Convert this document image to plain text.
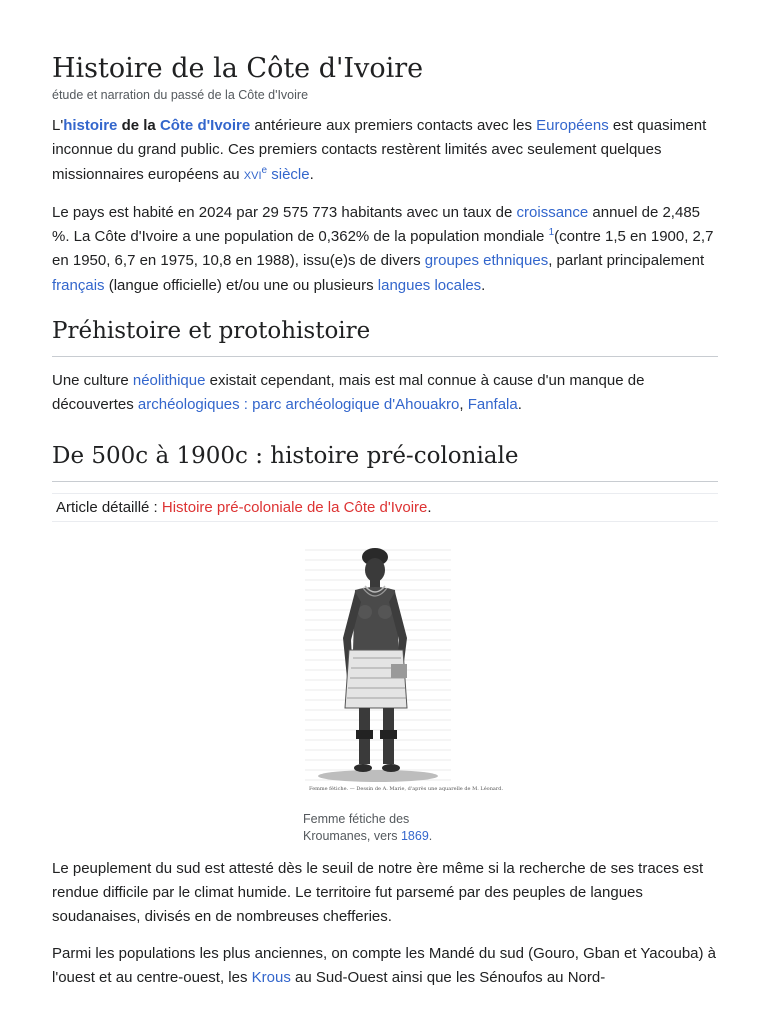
Histoire de la Côte d'Ivoire
étude et narration du passé de la Côte d'Ivoire

L'histoire de la Côte d'Ivoire antérieure aux premiers contacts avec les Européens est quasiment inconnue du grand public. Ces premiers contacts restèrent limités avec seulement quelques missionnaires européens au xvi$^e$ siècle.

Le pays est habité en 2024 par 29 575 773 habitants avec un taux de croissance annuel de 2,485 %. La Côte d'Ivoire a une population de 0,362% de la population mondiale $^1$(contre 1,5 en 1900, 2,7 en 1950, 6,7 en 1975, 10,8 en 1988), issu(e)s de divers groupes ethniques, parlant principalement français (langue officielle) et/ou une ou plusieurs langues locales.

Préhistoire et protohistoire

Une culture néolithique existait cependant, mais est mal connue à cause d'un manque de découvertes archéologiques : parc archéologique d'Ahouakro, Fanfala.

De 500c à 1900c : histoire pré-coloniale
Article détaillé : Histoire pré-coloniale de la Côte d'Ivoire.
Femme fétiche. — Dessin de A. Marie, d'après une aquarelle de M. Léonard.
Femme fétiche des Kroumanes, vers 1869.

Le peuplement du sud est attesté dès le seuil de notre ère même si la recherche de ses traces est rendue difficile par le climat humide. Le territoire fut parsemé par des peuples de langues soudanaises, divisés en de nombreuses chefferies.

Parmi les populations les plus anciennes, on compte les Mandé du sud (Gouro, Gban et Yacouba) à l'ouest et au centre-ouest, les Krous au Sud-Ouest ainsi que les Sénoufos au Nord-
